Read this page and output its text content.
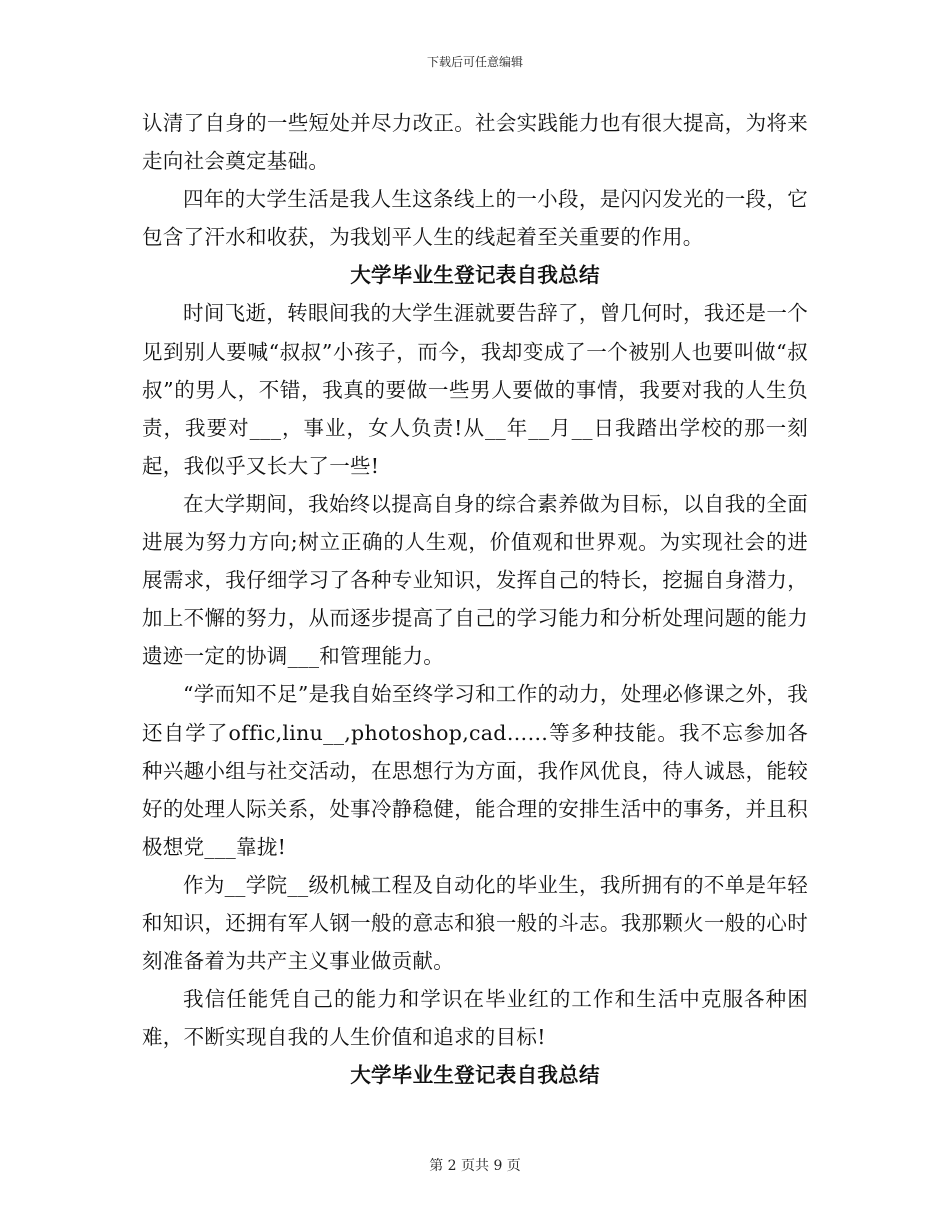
下载后可任意编辑

认清了自身的一些短处并尽力改正。社会实践能力也有很大提高，为将来走向社会奠定基础。

四年的大学生活是我人生这条线上的一小段，是闪闪发光的一段，它包含了汗水和收获，为我划平人生的线起着至关重要的作用。

大学毕业生登记表自我总结

时间飞逝，转眼间我的大学生涯就要告辞了，曾几何时，我还是一个见到别人要喊“叔叔”小孩子，而今，我却变成了一个被别人也要叫做“叔叔”的男人，不错，我真的要做一些男人要做的事情，我要对我的人生负责，我要对___，事业，女人负责!从__年__月__日我踏出学校的那一刻起，我似乎又长大了一些!

在大学期间，我始终以提高自身的综合素养做为目标，以自我的全面进展为努力方向;树立正确的人生观，价值观和世界观。为实现社会的进展需求，我仔细学习了各种专业知识，发挥自己的特长，挖掘自身潜力，加上不懈的努力，从而逐步提高了自己的学习能力和分析处理问题的能力遗迹一定的协调___和管理能力。

“学而知不足”是我自始至终学习和工作的动力，处理必修课之外，我还自学了offic,linu__,photoshop,cad……等多种技能。我不忘参加各种兴趣小组与社交活动，在思想行为方面，我作风优良，待人诚恳，能较好的处理人际关系，处事冷静稳健，能合理的安排生活中的事务，并且积极想党___靠拢!

作为__学院__级机械工程及自动化的毕业生，我所拥有的不单是年轻和知识，还拥有军人钢一般的意志和狼一般的斗志。我那颗火一般的心时刻准备着为共产主义事业做贡献。

我信任能凭自己的能力和学识在毕业红的工作和生活中克服各种困难，不断实现自我的人生价值和追求的目标!

大学毕业生登记表自我总结

第 2 页共 9 页
